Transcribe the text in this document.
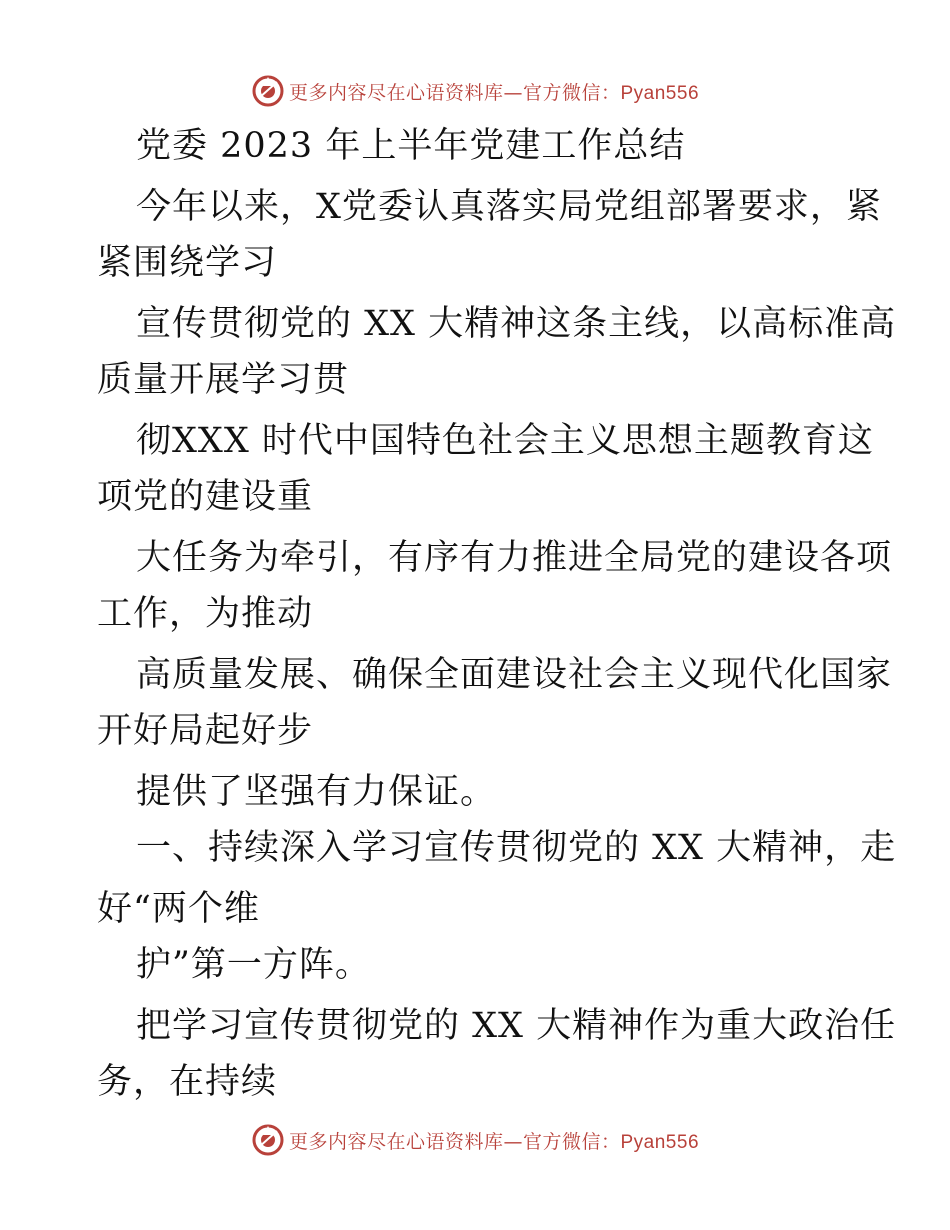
更多内容尽在心语资料库—官方微信：Pyan556
党委 2023 年上半年党建工作总结
今年以来，X党委认真落实局党组部署要求，紧
紧围绕学习
宣传贯彻党的 XX 大精神这条主线，以高标准高
质量开展学习贯
彻XXX 时代中国特色社会主义思想主题教育这
项党的建设重
大任务为牵引，有序有力推进全局党的建设各项
工作，为推动
高质量发展、确保全面建设社会主义现代化国家
开好局起好步
提供了坚强有力保证。
一、持续深入学习宣传贯彻党的 XX 大精神，走
好“两个维
护”第一方阵。
把学习宣传贯彻党的 XX 大精神作为重大政治任
务，在持续
更多内容尽在心语资料库—官方微信：Pyan556
